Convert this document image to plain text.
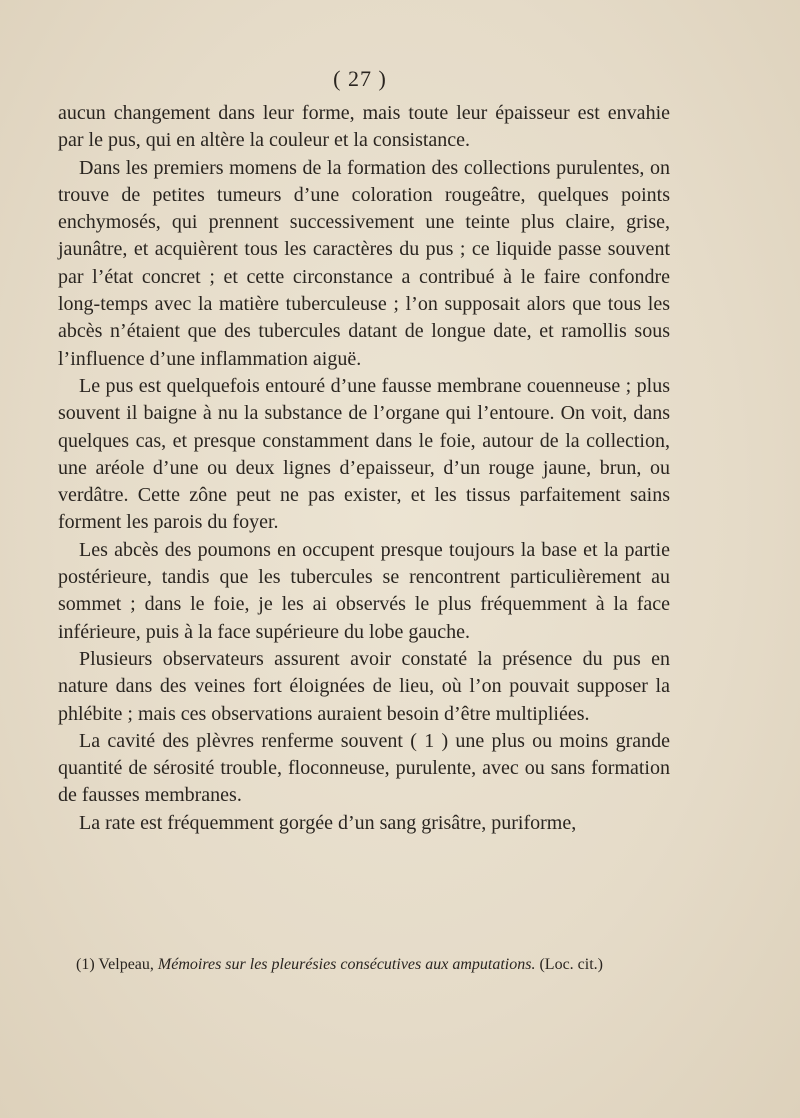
( 27 )

aucun changement dans leur forme, mais toute leur épaisseur est envahie par le pus, qui en altère la couleur et la consistance.

Dans les premiers momens de la formation des collections purulentes, on trouve de petites tumeurs d’une coloration rougeâtre, quelques points enchymosés, qui prennent successivement une teinte plus claire, grise, jaunâtre, et acquièrent tous les caractères du pus ; ce liquide passe souvent par l’état concret ; et cette circonstance a contribué à le faire confondre long-temps avec la matière tuberculeuse ; l’on supposait alors que tous les abcès n’étaient que des tubercules datant de longue date, et ramollis sous l’influence d’une inflammation aiguë.

Le pus est quelquefois entouré d’une fausse membrane couenneuse ; plus souvent il baigne à nu la substance de l’organe qui l’entoure. On voit, dans quelques cas, et presque constamment dans le foie, autour de la collection, une aréole d’une ou deux lignes d’epaisseur, d’un rouge jaune, brun, ou verdâtre. Cette zône peut ne pas exister, et les tissus parfaitement sains forment les parois du foyer.

Les abcès des poumons en occupent presque toujours la base et la partie postérieure, tandis que les tubercules se rencontrent particulièrement au sommet ; dans le foie, je les ai observés le plus fréquemment à la face inférieure, puis à la face supérieure du lobe gauche.

Plusieurs observateurs assurent avoir constaté la présence du pus en nature dans des veines fort éloignées de lieu, où l’on pouvait supposer la phlébite ; mais ces observations auraient besoin d’être multipliées.

La cavité des plèvres renferme souvent ( 1 ) une plus ou moins grande quantité de sérosité trouble, floconneuse, purulente, avec ou sans formation de fausses membranes.

La rate est fréquemment gorgée d’un sang grisâtre, puriforme,

(1) Velpeau, Mémoires sur les pleurésies consécutives aux amputations. (Loc. cit.)
